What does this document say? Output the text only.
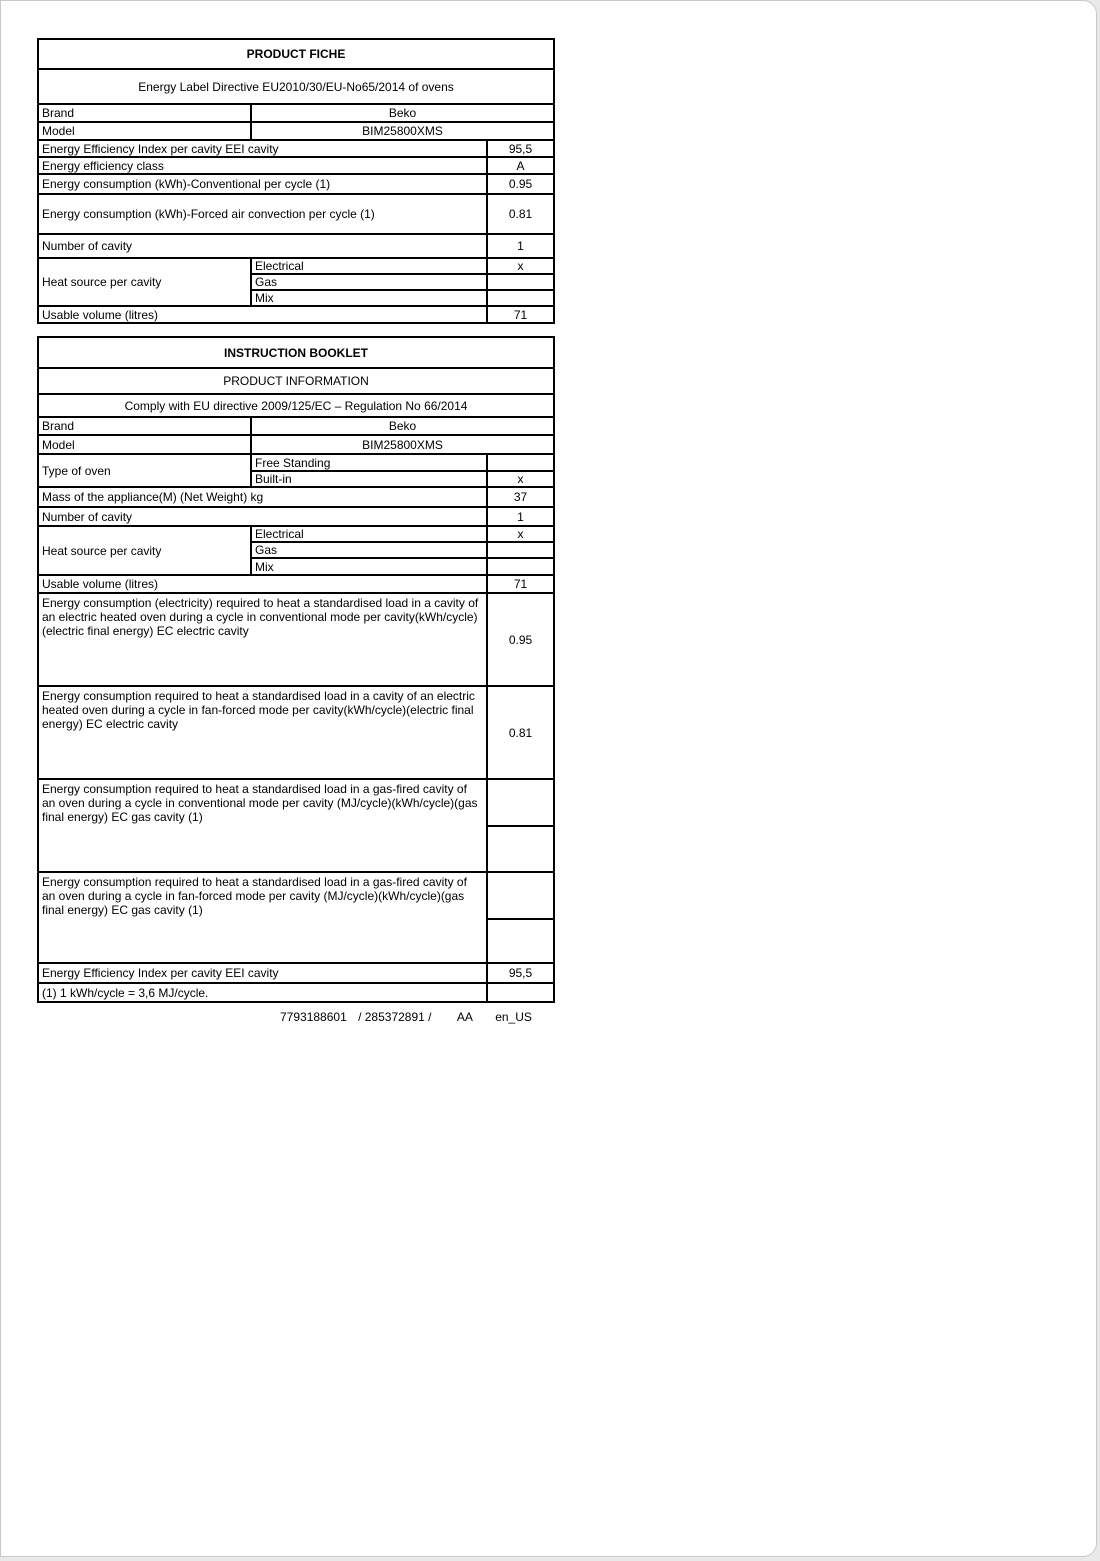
PRODUCT FICHE		
Energy Label Directive EU2010/30/EU-No65/2014 of ovens		
Brand	Beko	
Model	BIM25800XMS	
Energy Efficiency Index per cavity EEI cavity		95,5
Energy efficiency class		A
Energy consumption (kWh)-Conventional per cycle (1)		0.95
Energy consumption (kWh)-Forced air convection per cycle (1)		0.81
Number of cavity		1
Heat source per cavity	Electrical	x
	Gas	
	Mix	
Usable volume (litres)		71
INSTRUCTION BOOKLET		
PRODUCT INFORMATION		
Comply with EU directive 2009/125/EC – Regulation No 66/2014		
Brand	Beko	
Model	BIM25800XMS	
Type of oven	Free Standing	
	Built-in	x
Mass of the appliance(M) (Net Weight) kg		37
Number of cavity		1
Heat source per cavity	Electrical	x
	Gas	
	Mix	
Usable volume (litres)		71
Energy consumption (electricity) required to heat a standardised load in a cavity of an electric heated oven during a cycle in conventional mode per cavity(kWh/cycle)(electric final energy) EC electric cavity		0.95
Energy consumption required to heat a standardised load in a cavity of an electric heated oven during a cycle in fan-forced mode per cavity(kWh/cycle)(electric final energy) EC electric cavity		0.81
Energy consumption required to heat a standardised load in a gas-fired cavity of an oven during a cycle in conventional mode per cavity (MJ/cycle)(kWh/cycle)(gas final energy) EC gas cavity (1)		

Energy consumption required to heat a standardised load in a gas-fired cavity of an oven during a cycle in fan-forced mode per cavity (MJ/cycle)(kWh/cycle)(gas final energy) EC gas cavity (1)		

Energy Efficiency Index per cavity EEI cavity		95,5
(1) 1 kWh/cycle = 3,6 MJ/cycle.		
7793188601 / 285372891 / AA en_US
